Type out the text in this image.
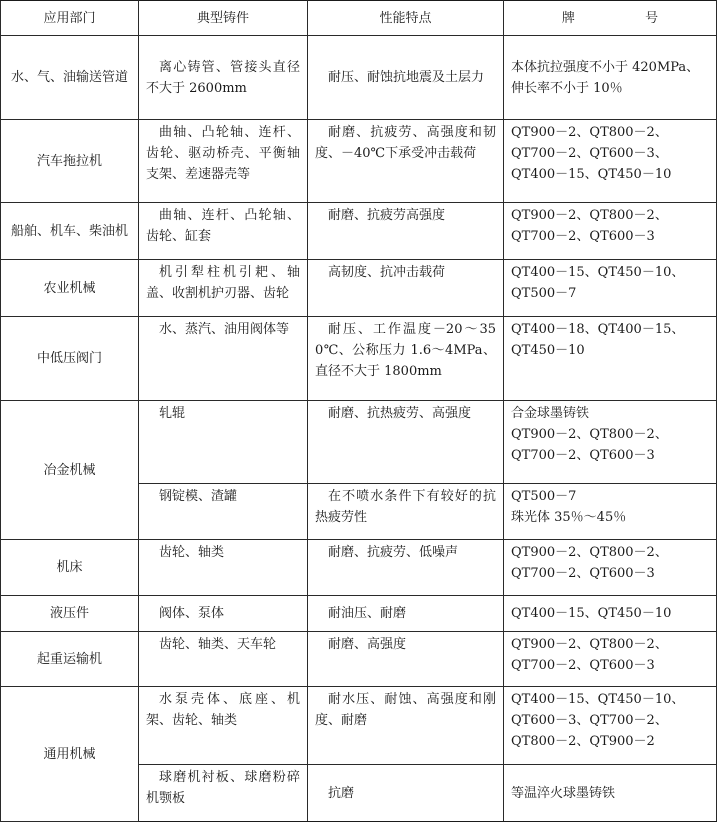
应用部门	典型铸件	性能特点	牌　号
水、气、油输送管道	离心铸管、管接头直径不大于 2600mm	耐压、耐蚀抗地震及土层力	本体抗拉强度不小于 420MPa、
伸长率不小于 10％

汽车拖拉机	曲轴、凸轮轴、连杆、齿轮、驱动桥壳、平衡轴支架、差速器壳等	耐磨、抗疲劳、高强度和韧度、－40℃下承受冲击载荷	QT900－2、QT800－2、
QT700－2、QT600－3、
QT400－15、QT450－10

船舶、机车、柴油机	曲轴、连杆、凸轮轴、齿轮、缸套	耐磨、抗疲劳高强度	QT900－2、QT800－2、
QT700－2、QT600－3

农业机械	机引犁柱机引耙、轴盖、收割机护刃器、齿轮	高韧度、抗冲击载荷	QT400－15、QT450－10、
QT500－7

中低压阀门	水、蒸汽、油用阀体等	耐压、工作温度－20～350℃、公称压力 1.6～4MPa、直径不大于 1800mm	QT400－18、QT400－15、
QT450－10

冶金机械	轧辊	耐磨、抗热疲劳、高强度	合金球墨铸铁
QT900－2、QT800－2、
QT700－2、QT600－3

	钢锭模、渣罐	在不喷水条件下有较好的抗热疲劳性	QT500－7
珠光体 35％～45％

机床	齿轮、轴类	耐磨、抗疲劳、低噪声	QT900－2、QT800－2、
QT700－2、QT600－3

液压件	阀体、泵体	耐油压、耐磨	QT400－15、QT450－10

起重运输机	齿轮、轴类、天车轮	耐磨、高强度	QT900－2、QT800－2、
QT700－2、QT600－3

通用机械	水泵壳体、底座、机架、齿轮、轴类	耐水压、耐蚀、高强度和刚度、耐磨	QT400－15、QT450－10、
QT600－3、QT700－2、
QT800－2、QT900－2

	球磨机衬板、球磨粉碎机颚板	抗磨	等温淬火球墨铸铁
